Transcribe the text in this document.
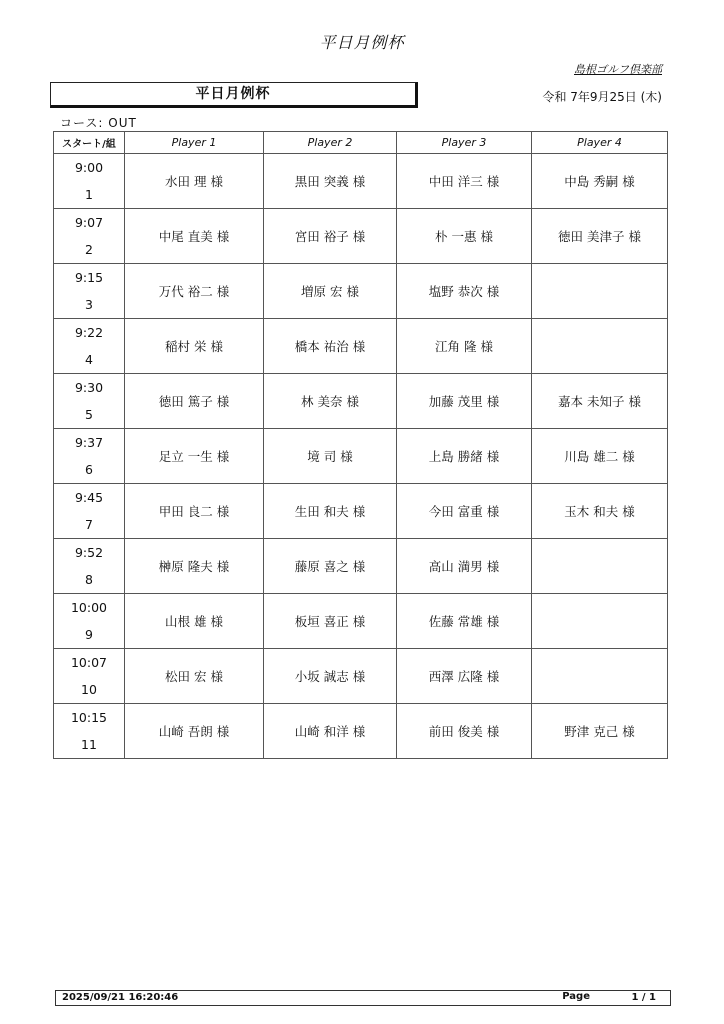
平日月例杯
島根ゴルフ倶楽部
平日月例杯	令和 7年9月25日 (木)
コース: OUT
スタート/組	Player 1	Player 2	Player 3	Player 4

9:00
1	水田 理 様	黒田 突義 様	中田 洋三 様	中島 秀嗣 様

9:07
2	中尾 直美 様	宮田 裕子 様	朴 一惠 様	徳田 美津子 様

9:15
3	万代 裕二 様	増原 宏 様	塩野 恭次 様	

9:22
4	稲村 栄 様	橋本 祐治 様	江角 隆 様	

9:30
5	徳田 篤子 様	林 美奈 様	加藤 茂里 様	嘉本 未知子 様

9:37
6	足立 一生 様	境 司 様	上島 勝緒 様	川島 雄二 様

9:45
7	甲田 良二 様	生田 和夫 様	今田 富重 様	玉木 和夫 様

9:52
8	榊原 隆夫 様	藤原 喜之 様	高山 満男 様	

10:00
9	山根 雄 様	板垣 喜正 様	佐藤 常雄 様	

10:07
10	松田 宏 様	小坂 誠志 様	西澤 広隆 様	

10:15
11	山崎 吾朗 様	山崎 和洋 様	前田 俊美 様	野津 克己 様
2025/09/21 16:20:46	Page	1 / 1
